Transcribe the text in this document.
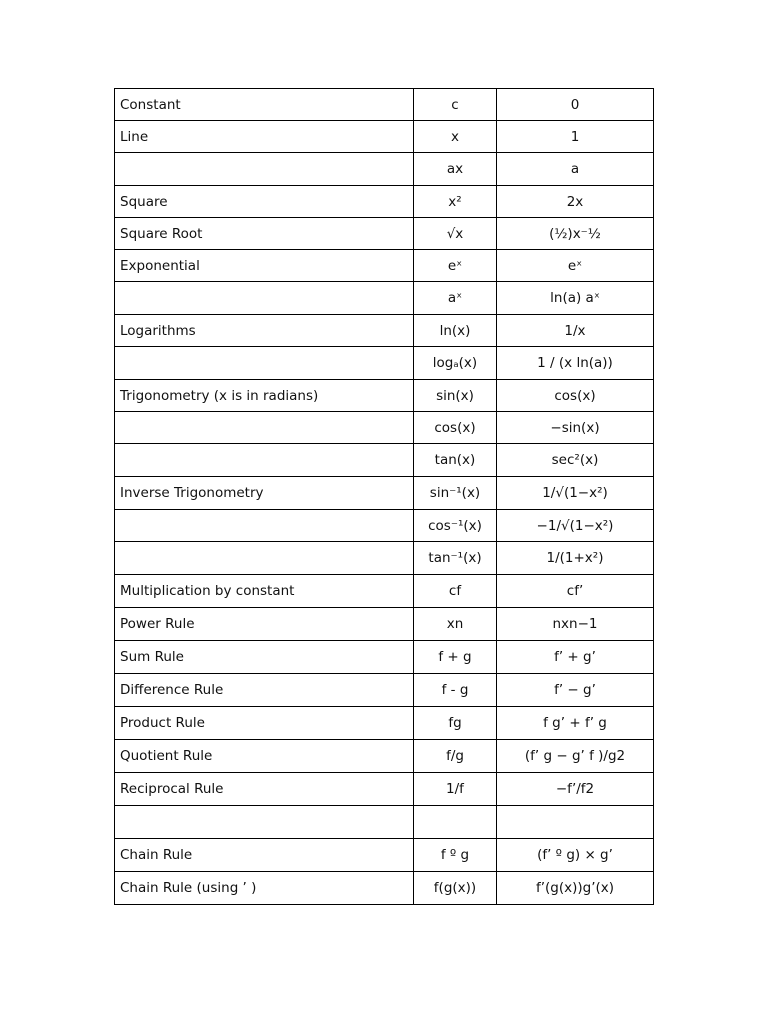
Constant	c	0
Line	x	1
	ax	a
Square	x²	2x
Square Root	√x	(½)x⁻½
Exponential	eˣ	eˣ
	aˣ	ln(a) aˣ
Logarithms	ln(x)	1/x
	logₐ(x)	1 / (x ln(a))
Trigonometry (x is in radians)	sin(x)	cos(x)
	cos(x)	−sin(x)
	tan(x)	sec²(x)
Inverse Trigonometry	sin⁻¹(x)	1/√(1−x²)
	cos⁻¹(x)	−1/√(1−x²)
	tan⁻¹(x)	1/(1+x²)
Multiplication by constant	cf	cf’
Power Rule	xn	nxn−1
Sum Rule	f + g	f’ + g’
Difference Rule	f - g	f’ − g’
Product Rule	fg	f g’ + f’ g
Quotient Rule	f/g	(f’ g − g’ f )/g2
Reciprocal Rule	1/f	−f’/f2

Chain Rule	f º g	(f’ º g) × g’
Chain Rule (using ’ )	f(g(x))	f’(g(x))g’(x)
